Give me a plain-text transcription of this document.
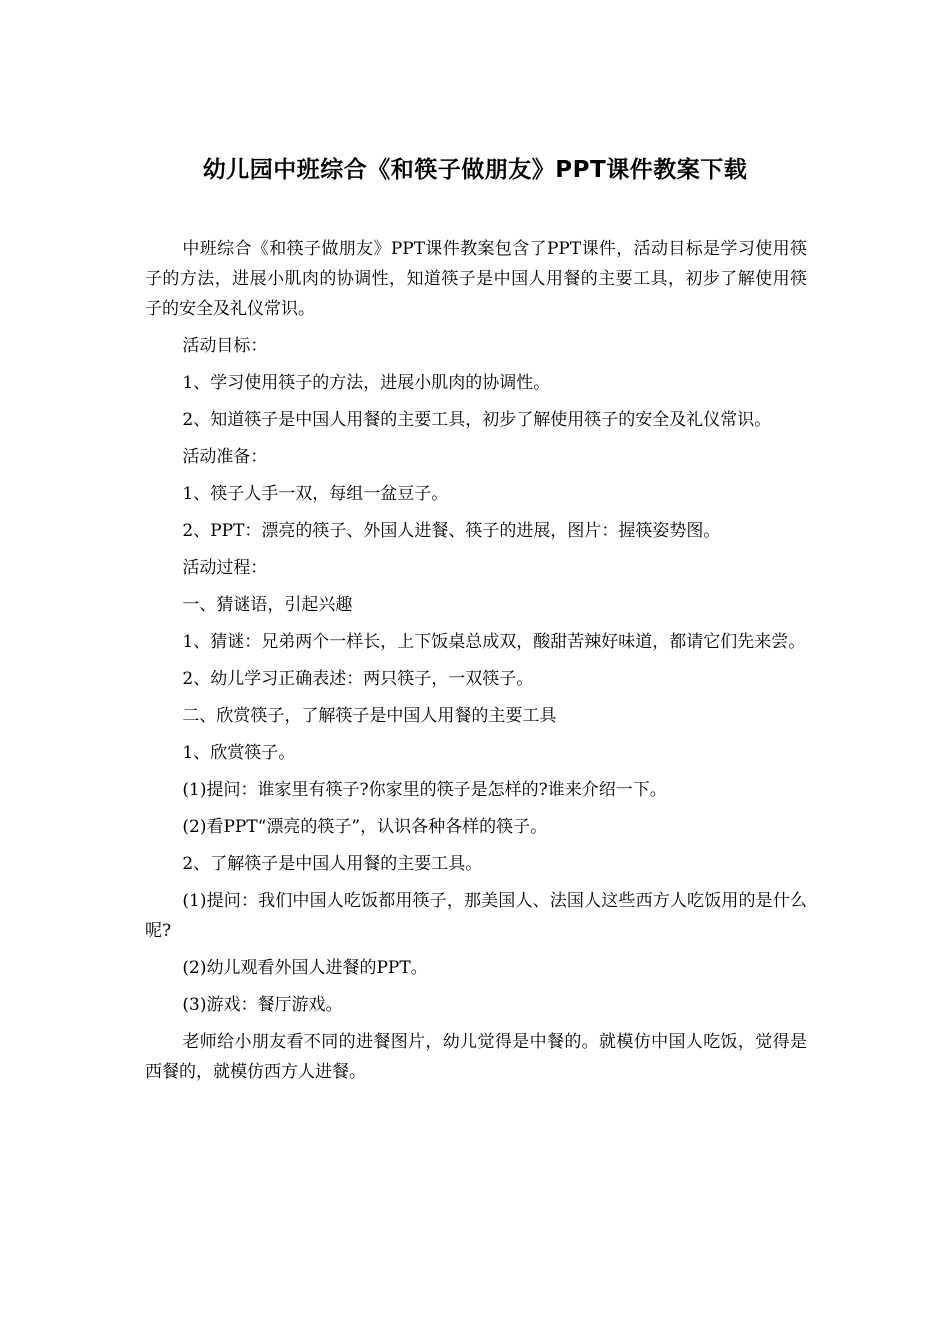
幼儿园中班综合《和筷子做朋友》PPT课件教案下载

中班综合《和筷子做朋友》PPT课件教案包含了PPT课件，活动目标是学习使用筷子的方法，进展小肌肉的协调性，知道筷子是中国人用餐的主要工具，初步了解使用筷子的安全及礼仪常识。

活动目标：

1、学习使用筷子的方法，进展小肌肉的协调性。

2、知道筷子是中国人用餐的主要工具，初步了解使用筷子的安全及礼仪常识。

活动准备：

1、筷子人手一双，每组一盆豆子。

2、PPT：漂亮的筷子、外国人进餐、筷子的进展，图片：握筷姿势图。

活动过程：

一、猜谜语，引起兴趣

1、猜谜：兄弟两个一样长，上下饭桌总成双，酸甜苦辣好味道，都请它们先来尝。

2、幼儿学习正确表述：两只筷子，一双筷子。

二、欣赏筷子，了解筷子是中国人用餐的主要工具

1、欣赏筷子。

(1)提问：谁家里有筷子?你家里的筷子是怎样的?谁来介绍一下。

(2)看PPT“漂亮的筷子”，认识各种各样的筷子。

2、了解筷子是中国人用餐的主要工具。

(1)提问：我们中国人吃饭都用筷子，那美国人、法国人这些西方人吃饭用的是什么呢?

(2)幼儿观看外国人进餐的PPT。

(3)游戏：餐厅游戏。

老师给小朋友看不同的进餐图片，幼儿觉得是中餐的。就模仿中国人吃饭，觉得是西餐的，就模仿西方人进餐。
